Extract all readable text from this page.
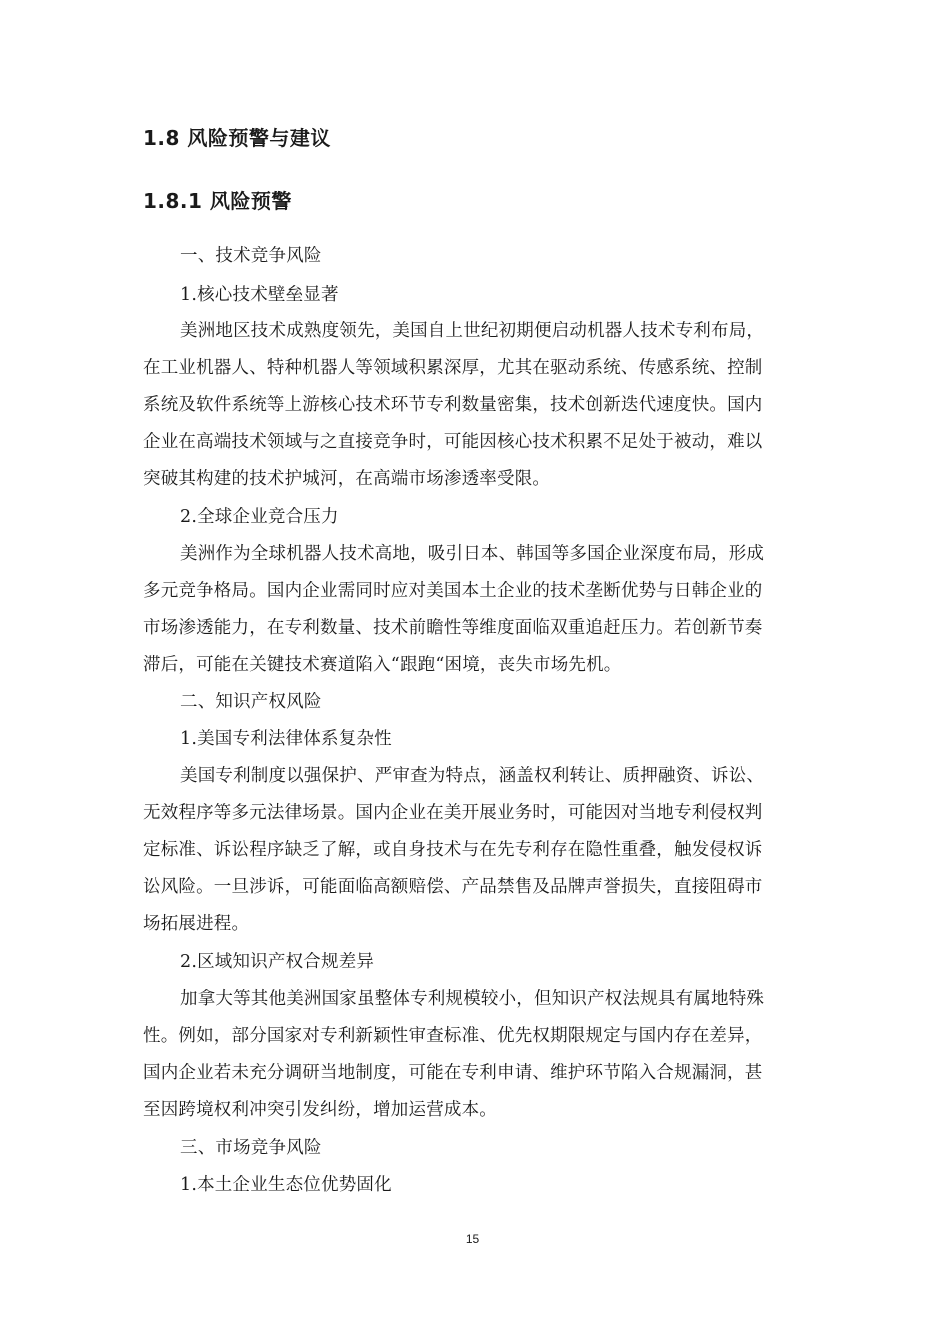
1.8 风险预警与建议
1.8.1 风险预警
一、技术竞争风险
1.核心技术壁垒显著
美洲地区技术成熟度领先，美国自上世纪初期便启动机器人技术专利布局，
在工业机器人、特种机器人等领域积累深厚，尤其在驱动系统、传感系统、控制
系统及软件系统等上游核心技术环节专利数量密集，技术创新迭代速度快。国内
企业在高端技术领域与之直接竞争时，可能因核心技术积累不足处于被动，难以
突破其构建的技术护城河，在高端市场渗透率受限。
2.全球企业竞合压力
美洲作为全球机器人技术高地，吸引日本、韩国等多国企业深度布局，形成
多元竞争格局。国内企业需同时应对美国本土企业的技术垄断优势与日韩企业的
市场渗透能力，在专利数量、技术前瞻性等维度面临双重追赶压力。若创新节奏
滞后，可能在关键技术赛道陷入“跟跑“困境，丧失市场先机。
二、知识产权风险
1.美国专利法律体系复杂性
美国专利制度以强保护、严审查为特点，涵盖权利转让、质押融资、诉讼、
无效程序等多元法律场景。国内企业在美开展业务时，可能因对当地专利侵权判
定标准、诉讼程序缺乏了解，或自身技术与在先专利存在隐性重叠，触发侵权诉
讼风险。一旦涉诉，可能面临高额赔偿、产品禁售及品牌声誉损失，直接阻碍市
场拓展进程。
2.区域知识产权合规差异
加拿大等其他美洲国家虽整体专利规模较小，但知识产权法规具有属地特殊
性。例如，部分国家对专利新颖性审查标准、优先权期限规定与国内存在差异，
国内企业若未充分调研当地制度，可能在专利申请、维护环节陷入合规漏洞，甚
至因跨境权利冲突引发纠纷，增加运营成本。
三、市场竞争风险
1.本土企业生态位优势固化
15
